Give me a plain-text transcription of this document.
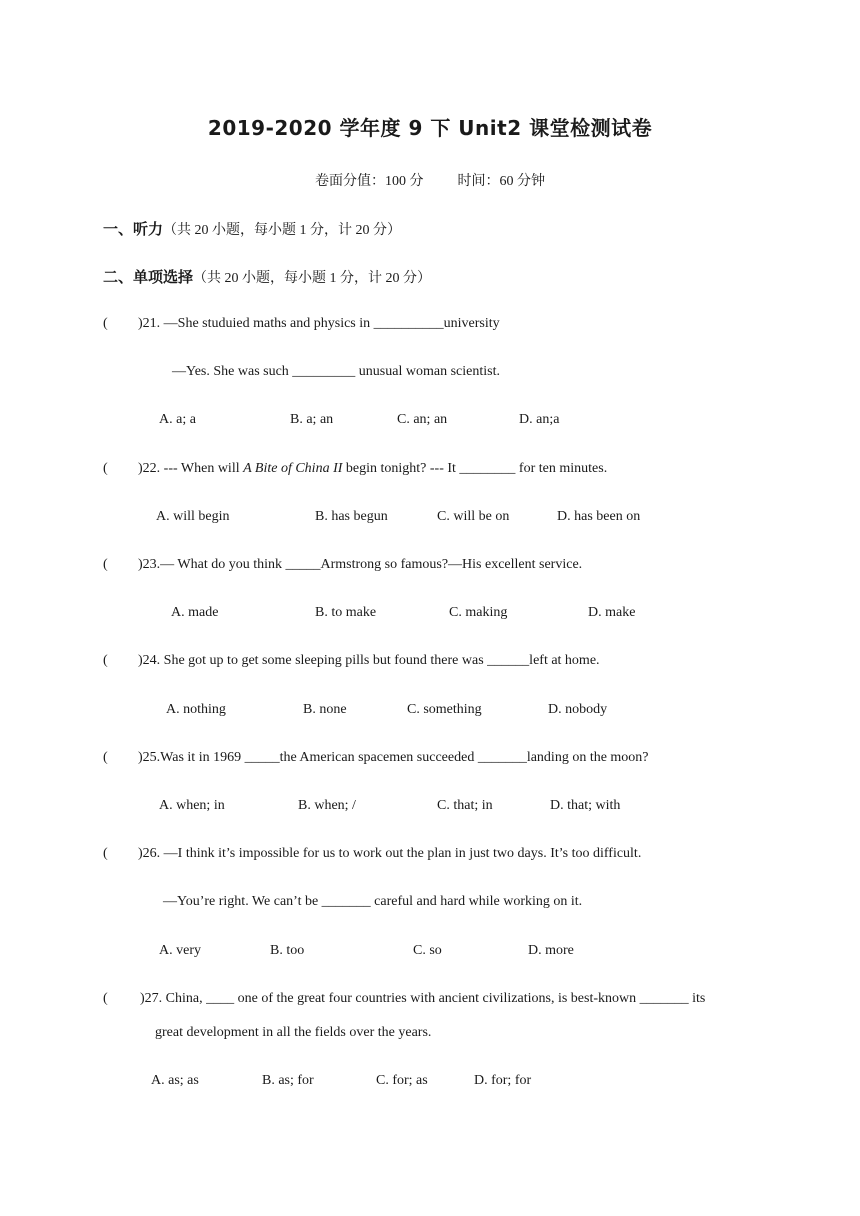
2019-2020 学年度 9 下 Unit2 课堂检测试卷
卷面分值：100 分 时间：60 分钟
一、听力（共 20 小题，每小题 1 分，计 20 分）
二、单项选择（共 20 小题，每小题 1 分，计 20 分）
( )21. —She studuied maths and physics in __________university
—Yes. She was such _________ unusual woman scientist.
A. a; a	B. a; an	C. an; an	D. an;a
( )22. --- When will A Bite of China II begin tonight? --- It ________ for ten minutes.
A. will begin	B. has begun	C. will be on	D. has been on
( )23.— What do you think _____Armstrong so famous?—His excellent service.
A. made	B. to make	C. making	D. make
( )24. She got up to get some sleeping pills but found there was ______left at home.
A. nothing	B. none	C. something	D. nobody
( )25.Was it in 1969 _____the American spacemen succeeded _______landing on the moon?
A. when; in	B. when; /	C. that; in	D. that; with
( )26. —I think it’s impossible for us to work out the plan in just two days. It’s too difficult.
—You’re right. We can’t be _______ careful and hard while working on it.
A. very	B. too	C. so	D. more
( )27. China, ____ one of the great four countries with ancient civilizations, is best-known _______ its
great development in all the fields over the years.
A. as; as	B. as; for	C. for; as	D. for; for
